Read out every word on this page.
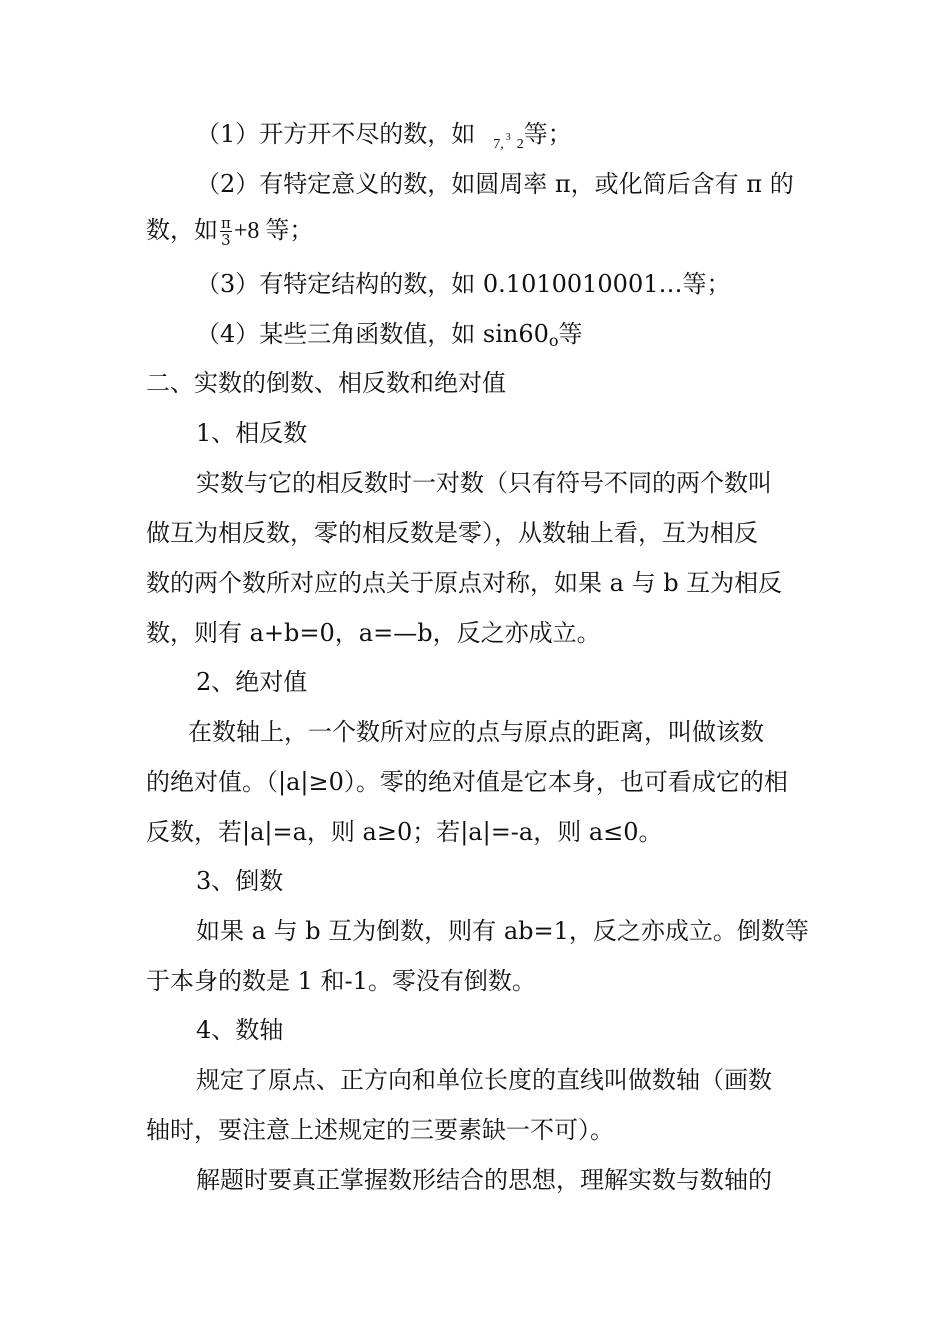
（1）开方开不尽的数，如 $_{7,}$ 3 $_2$等；
（2）有特定意义的数，如圆周率 π，或化简后含有 π 的
数，如 $\frac{\pi}{3} +8$ 等；
（3）有特定结构的数，如 0.1010010001…等；
（4）某些三角函数值，如 $\sin 60_o$等
二、实数的倒数、相反数和绝对值
1、相反数
实数与它的相反数时一对数（只有符号不同的两个数叫
做互为相反数，零的相反数是零），从数轴上看，互为相反
数的两个数所对应的点关于原点对称，如果 a 与 b 互为相反
数，则有 a+b=0，a=—b，反之亦成立。
2、绝对值
在数轴上，一个数所对应的点与原点的距离，叫做该数
的绝对值。（|a|≥0）。零的绝对值是它本身，也可看成它的相
反数，若|a|=a，则 a≥0；若|a|=-a，则 a≤0。
3、倒数
如果 a 与 b 互为倒数，则有 ab=1，反之亦成立。倒数等
于本身的数是 1 和-1。零没有倒数。
4、数轴
规定了原点、正方向和单位长度的直线叫做数轴（画数
轴时，要注意上述规定的三要素缺一不可）。
解题时要真正掌握数形结合的思想，理解实数与数轴的
